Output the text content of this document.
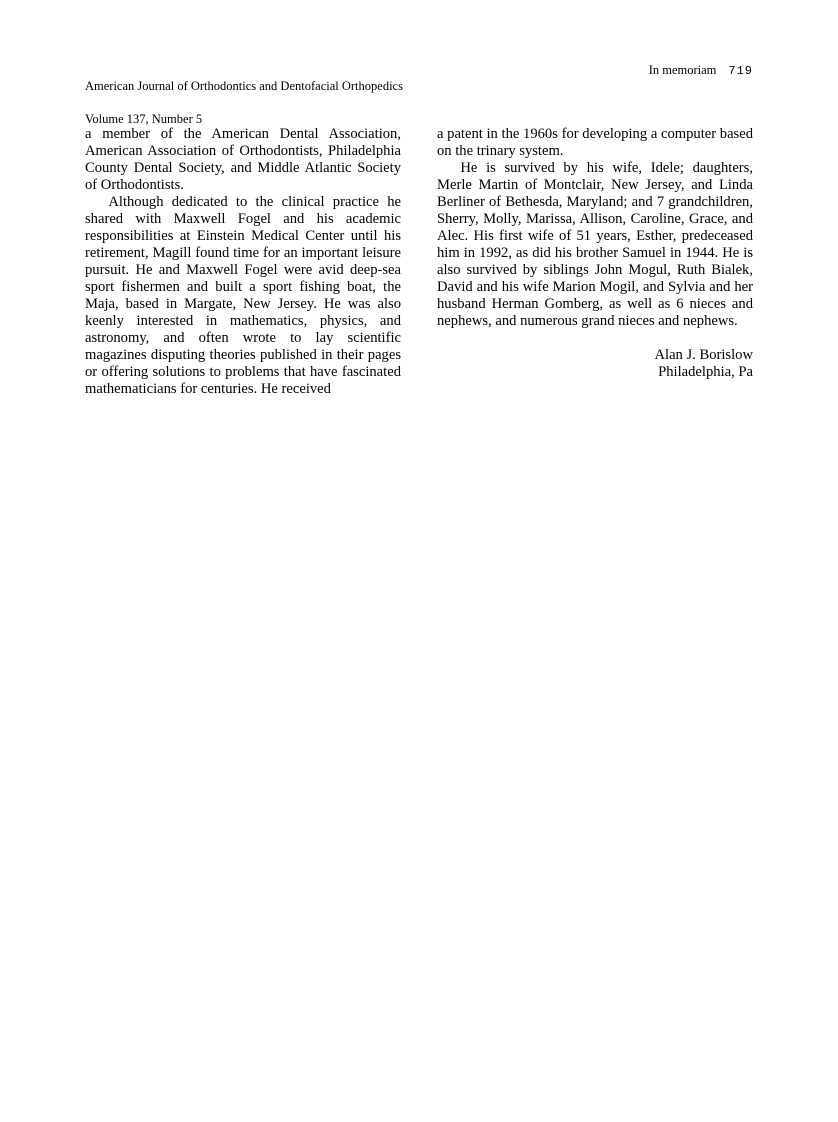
American Journal of Orthodontics and Dentofacial Orthopedics

Volume 137, Number 5

In memoriam 719

a member of the American Dental Association, American Association of Orthodontists, Philadelphia County Dental Society, and Middle Atlantic Society of Orthodontists.

Although dedicated to the clinical practice he shared with Maxwell Fogel and his academic responsibilities at Einstein Medical Center until his retirement, Magill found time for an important leisure pursuit. He and Maxwell Fogel were avid deep-sea sport fishermen and built a sport fishing boat, the Maja, based in Margate, New Jersey. He was also keenly interested in mathematics, physics, and astronomy, and often wrote to lay scientific magazines disputing theories published in their pages or offering solutions to problems that have fascinated mathematicians for centuries. He received

a patent in the 1960s for developing a computer based on the trinary system.

He is survived by his wife, Idele; daughters, Merle Martin of Montclair, New Jersey, and Linda Berliner of Bethesda, Maryland; and 7 grandchildren, Sherry, Molly, Marissa, Allison, Caroline, Grace, and Alec. His first wife of 51 years, Esther, predeceased him in 1992, as did his brother Samuel in 1944. He is also survived by siblings John Mogul, Ruth Bialek, David and his wife Marion Mogil, and Sylvia and her husband Herman Gomberg, as well as 6 nieces and nephews, and numerous grand nieces and nephews.

Alan J. Borislow
Philadelphia, Pa
